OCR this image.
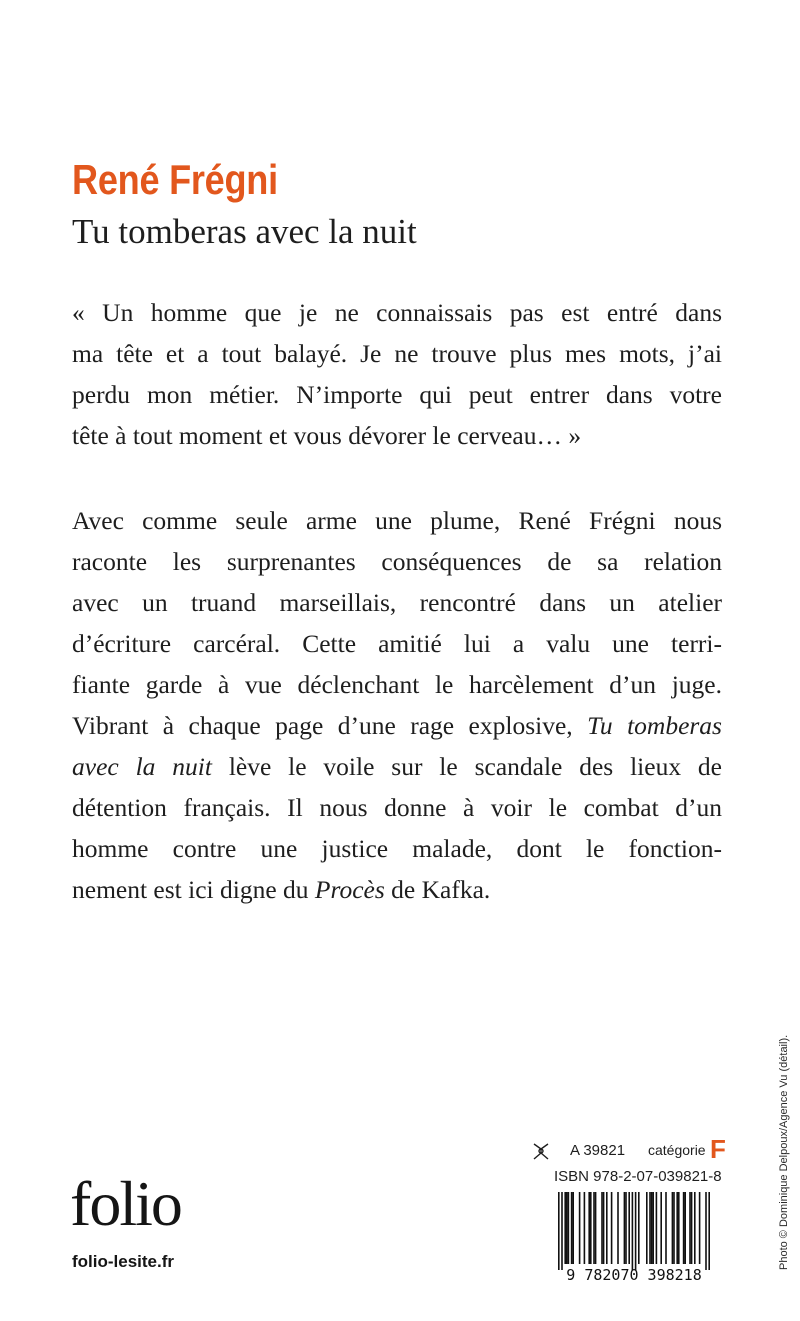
René Frégni
Tu tomberas avec la nuit
« Un homme que je ne connaissais pas est entré dans
ma tête et a tout balayé. Je ne trouve plus mes mots, j’ai
perdu mon métier. N’importe qui peut entrer dans votre
tête à tout moment et vous dévorer le cerveau… »
Avec comme seule arme une plume, René Frégni nous
raconte les surprenantes conséquences de sa relation
avec un truand marseillais, rencontré dans un atelier
d’écriture carcéral. Cette amitié lui a valu une terri-
fiante garde à vue déclenchant le harcèlement d’un juge.
Vibrant à chaque page d’une rage explosive, Tu tomberas
avec la nuit lève le voile sur le scandale des lieux de
détention français. Il nous donne à voir le combat d’un
homme contre une justice malade, dont le fonction-
nement est ici digne du Procès de Kafka.
Photo © Dominique Delpoux/Agence Vu (détail).
folio
folio-lesite.fr
A 39821 catégorie F
ISBN 978-2-07-039821-8
9 782070 398218
